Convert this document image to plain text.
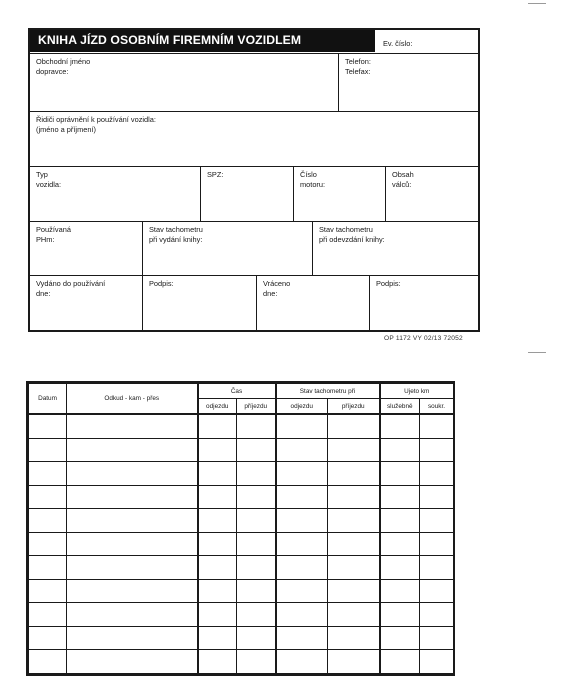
KNIHA JÍZD OSOBNÍM FIREMNÍM VOZIDLEM	Ev. číslo:
Obchodní jméno
dopravce:
Telefon:
Telefax:
Řidiči oprávnění k používání vozidla:
(jméno a příjmení)
Typ
vozidla:
SPZ:	Číslo
motoru:
Obsah
válců:
Používaná
PHm:
Stav tachometru
při vydání knihy:
Stav tachometru
při odevzdání knihy:
Vydáno do používání
dne:
Podpis:	Vráceno
dne:
Podpis:
OP 1172 VY 02/13 72052
Datum	Odkud - kam - přes	Čas		Stav tachometru při		Ujeto km	
		odjezdu	příjezdu	odjezdu	příjezdu	služebně	soukr.
